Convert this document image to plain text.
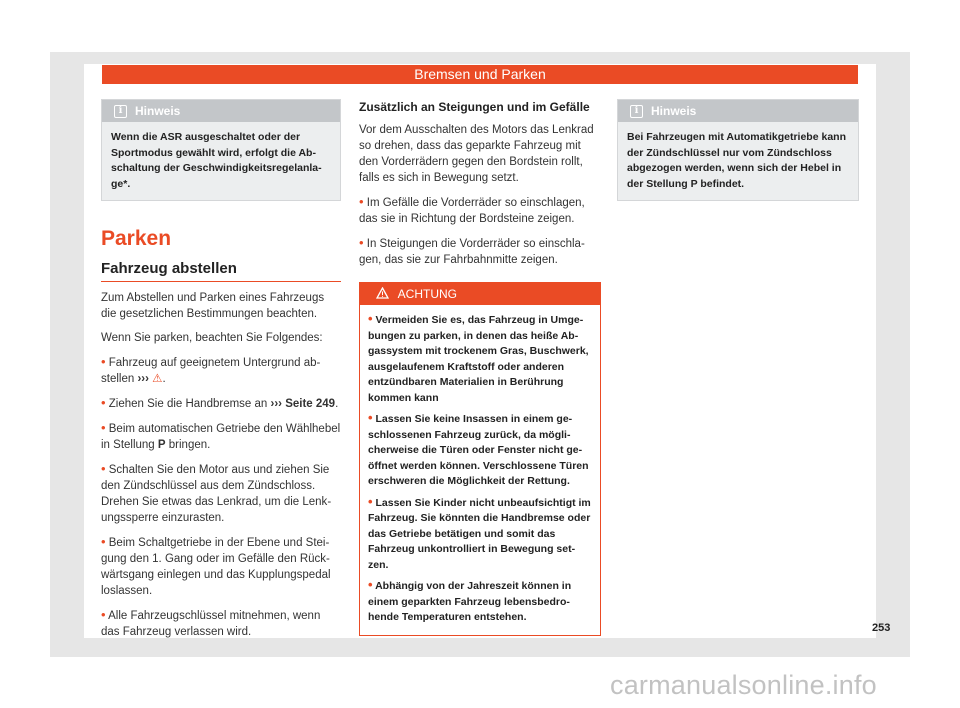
Bremsen und Parken
i	Hinweis
Wenn die ASR ausgeschaltet oder der Sportmodus gewählt wird, erfolgt die Abschaltung der Geschwindigkeitsregelanlage*.
Parken
Fahrzeug abstellen

Zum Abstellen und Parken eines Fahrzeugs die gesetzlichen Bestimmungen beachten.

Wenn Sie parken, beachten Sie Folgendes:

• Fahrzeug auf geeignetem Untergrund abstellen ››› ⚠.

• Ziehen Sie die Handbremse an ››› Seite 249.

• Beim automatischen Getriebe den Wählhebel in Stellung P bringen.

• Schalten Sie den Motor aus und ziehen Sie den Zündschlüssel aus dem Zündschloss. Drehen Sie etwas das Lenkrad, um die Lenkungssperre einzurasten.

• Beim Schaltgetriebe in der Ebene und Steigung den 1. Gang oder im Gefälle den Rückwärtsgang einlegen und das Kupplungspedal loslassen.

• Alle Fahrzeugschlüssel mitnehmen, wenn das Fahrzeug verlassen wird.

Zusätzlich an Steigungen und im Gefälle

Vor dem Ausschalten des Motors das Lenkrad so drehen, dass das geparkte Fahrzeug mit den Vorderrädern gegen den Bordstein rollt, falls es sich in Bewegung setzt.

• Im Gefälle die Vorderräder so einschlagen, das sie in Richtung der Bordsteine zeigen.

• In Steigungen die Vorderräder so einschlagen, das sie zur Fahrbahnmitte zeigen.

ACHTUNG

• Vermeiden Sie es, das Fahrzeug in Umgebungen zu parken, in denen das heiße Abgassystem mit trockenem Gras, Buschwerk, ausgelaufenem Kraftstoff oder anderen entzündbaren Materialien in Berührung kommen kann

• Lassen Sie keine Insassen in einem geschlossenen Fahrzeug zurück, da möglicherweise die Türen oder Fenster nicht geöffnet werden können. Verschlossene Türen erschweren die Möglichkeit der Rettung.

• Lassen Sie Kinder nicht unbeaufsichtigt im Fahrzeug. Sie könnten die Handbremse oder das Getriebe betätigen und somit das Fahrzeug unkontrolliert in Bewegung setzen.

• Abhängig von der Jahreszeit können in einem geparkten Fahrzeug lebensbedrohende Temperaturen entstehen.

i	Hinweis
Bei Fahrzeugen mit Automatikgetriebe kann der Zündschlüssel nur vom Zündschloss abgezogen werden, wenn sich der Hebel in der Stellung P befindet.
253
carmanualsonline.info
